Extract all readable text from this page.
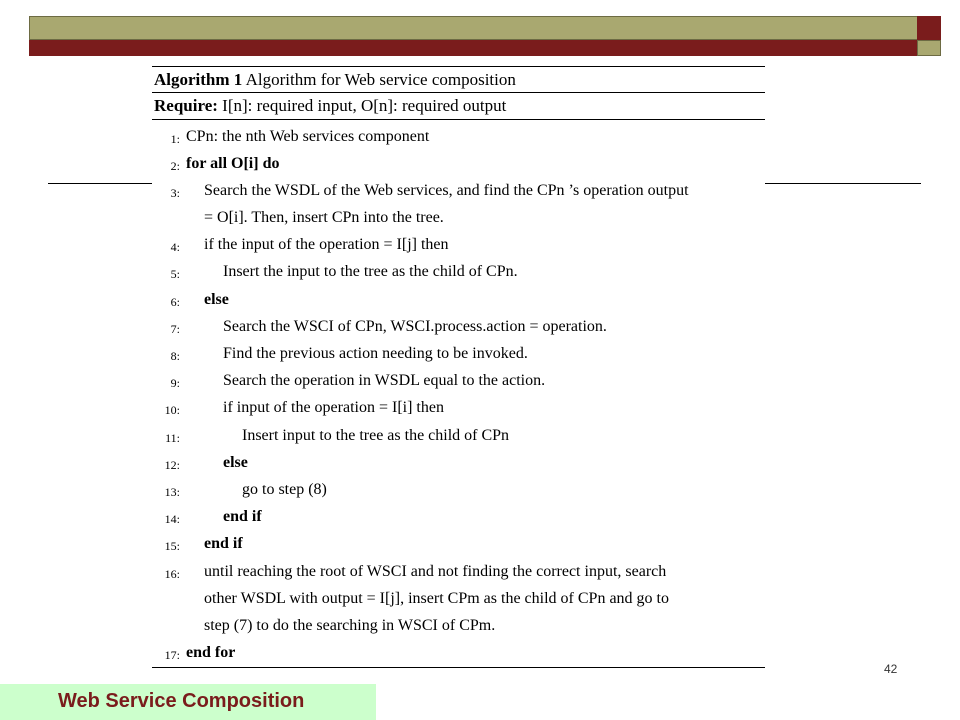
Algorithm 1 Algorithm for Web service composition
Require: I[n]: required input, O[n]: required output
1: CPn: the nth Web services component
2: for all O[i] do
3: Search the WSDL of the Web services, and find the CPn ’s operation output
= O[i]. Then, insert CPn into the tree.
4: if the input of the operation = I[j] then
5:	Insert the input to the tree as the child of CPn.
6: else
7:	Search the WSCI of CPn, WSCI.process.action = operation.
8:	Find the previous action needing to be invoked.
9:	Search the operation in WSDL equal to the action.
10:	if input of the operation = I[i] then
11:	Insert input to the tree as the child of CPn
12:	else
13:	go to step (8)
14:	end if
15: end if
16: until reaching the root of WSCI and not finding the correct input, search
other WSDL with output = I[j], insert CPm as the child of CPn and go to
step (7) to do the searching in WSCI of CPm.
17: end for
Web Service Composition
42
